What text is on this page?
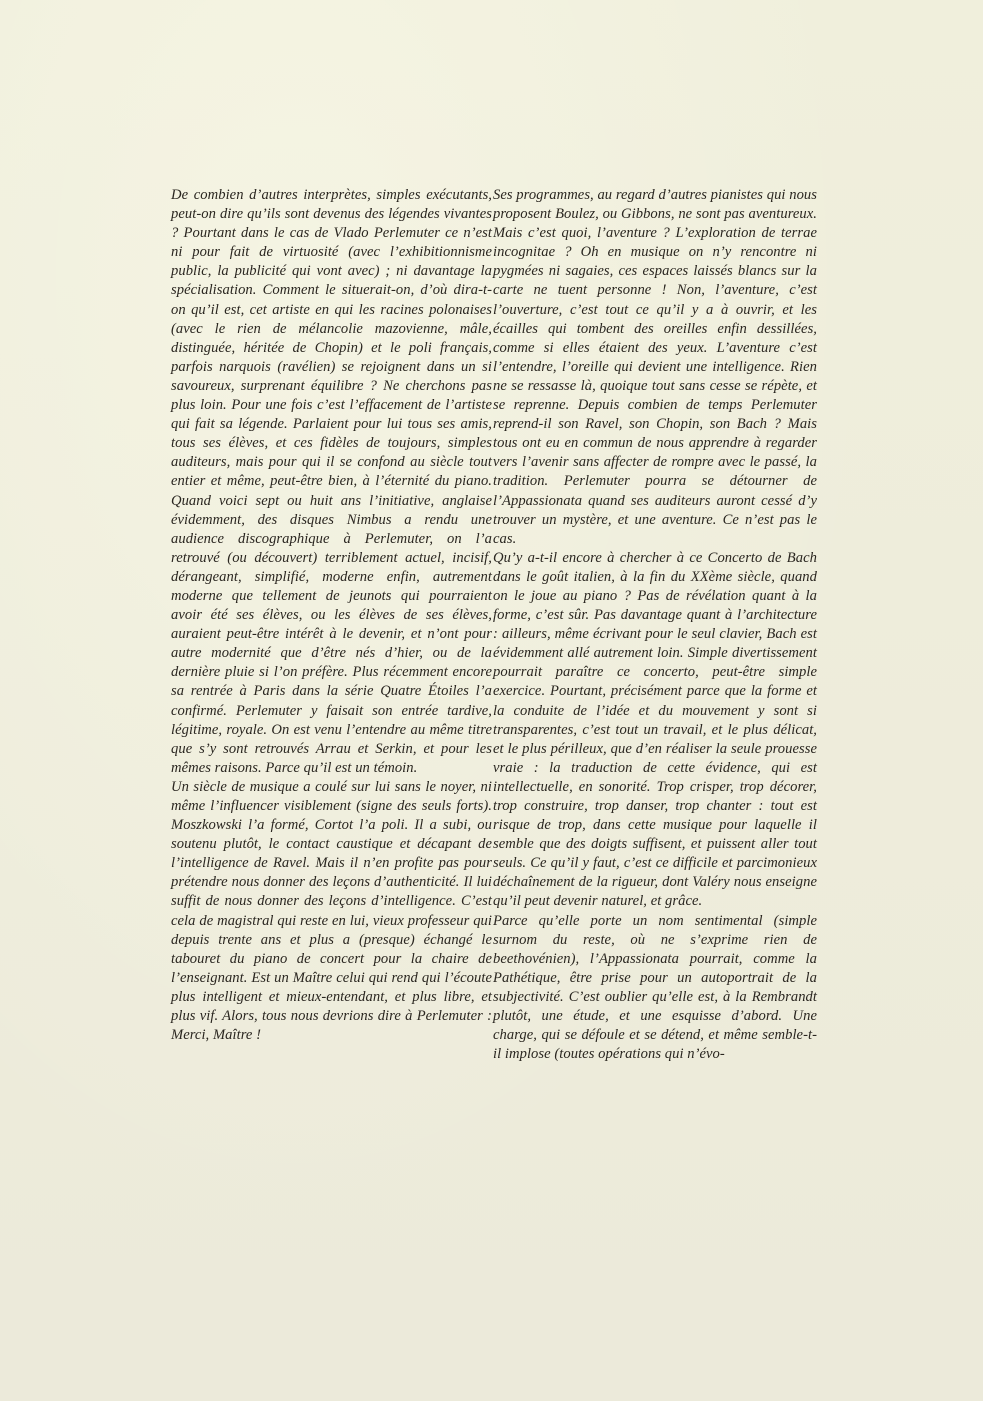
De combien d’autres interprètes, simples exécutants, peut-on dire qu’ils sont devenus des légendes vivantes ? Pourtant dans le cas de Vlado Perlemuter ce n’est ni pour fait de virtuosité (avec l’exhibitionnisme public, la publicité qui vont avec) ; ni davantage la spécialisation. Comment le situerait-on, d’où dira-t-on qu’il est, cet artiste en qui les racines polonaises (avec le rien de mélancolie mazovienne, mâle, distinguée, héritée de Chopin) et le poli français, parfois narquois (ravélien) se rejoignent dans un si savoureux, surprenant équilibre ? Ne cherchons pas plus loin. Pour une fois c’est l’effacement de l’artiste qui fait sa légende. Parlaient pour lui tous ses amis, tous ses élèves, et ces fidèles de toujours, simples auditeurs, mais pour qui il se confond au siècle tout entier et même, peut-être bien, à l’éternité du piano. Quand voici sept ou huit ans l’initiative, anglaise évidemment, des disques Nimbus a rendu une audience discographique à Perlemuter, on l’a retrouvé (ou découvert) terriblement actuel, incisif, dérangeant, simplifié, moderne enfin, autrement moderne que tellement de jeunots qui pourraient avoir été ses élèves, ou les élèves de ses élèves, auraient peut-être intérêt à le devenir, et n’ont pour autre modernité que d’être nés d’hier, ou de la dernière pluie si l’on préfère. Plus récemment encore sa rentrée à Paris dans la série Quatre Étoiles l’a confirmé. Perlemuter y faisait son entrée tardive, légitime, royale. On est venu l’entendre au même titre que s’y sont retrouvés Arrau et Serkin, et pour les mêmes raisons. Parce qu’il est un témoin.

Un siècle de musique a coulé sur lui sans le noyer, ni même l’influencer visiblement (signe des seuls forts). Moszkowski l’a formé, Cortot l’a poli. Il a subi, ou soutenu plutôt, le contact caustique et décapant de l’intelligence de Ravel. Mais il n’en profite pas pour prétendre nous donner des leçons d’authenticité. Il lui suffit de nous donner des leçons d’intelligence. C’est cela de magistral qui reste en lui, vieux professeur qui depuis trente ans et plus a (presque) échangé le tabouret du piano de concert pour la chaire de l’enseignant. Est un Maître celui qui rend qui l’écoute plus intelligent et mieux-entendant, et plus libre, et plus vif. Alors, tous nous devrions dire à Perlemuter : Merci, Maître !

Ses programmes, au regard d’autres pianistes qui nous proposent Boulez, ou Gibbons, ne sont pas aventureux. Mais c’est quoi, l’aventure ? L’exploration de terrae incognitae ? Oh en musique on n’y rencontre ni pygmées ni sagaies, ces espaces laissés blancs sur la carte ne tuent personne ! Non, l’aventure, c’est l’ouverture, c’est tout ce qu’il y a à ouvrir, et les écailles qui tombent des oreilles enfin dessillées, comme si elles étaient des yeux. L’aventure c’est l’entendre, l’oreille qui devient une intelligence. Rien ne se ressasse là, quoique tout sans cesse se répète, et se reprenne. Depuis combien de temps Perlemuter reprend-il son Ravel, son Chopin, son Bach ? Mais tous ont eu en commun de nous apprendre à regarder vers l’avenir sans affecter de rompre avec le passé, la tradition. Perlemuter pourra se détourner de l’Appassionata quand ses auditeurs auront cessé d’y trouver un mystère, et une aventure. Ce n’est pas le cas.

Qu’y a-t-il encore à chercher à ce Concerto de Bach dans le goût italien, à la fin du XXème siècle, quand on le joue au piano ? Pas de révélation quant à la forme, c’est sûr. Pas davantage quant à l’architecture : ailleurs, même écrivant pour le seul clavier, Bach est évidemment allé autrement loin. Simple divertissement pourrait paraître ce concerto, peut-être simple exercice. Pourtant, précisément parce que la forme et la conduite de l’idée et du mouvement y sont si transparentes, c’est tout un travail, et le plus délicat, et le plus périlleux, que d’en réaliser la seule prouesse vraie : la traduction de cette évidence, qui est intellectuelle, en sonorité. Trop crisper, trop décorer, trop construire, trop danser, trop chanter : tout est risque de trop, dans cette musique pour laquelle il semble que des doigts suffisent, et puissent aller tout seuls. Ce qu’il y faut, c’est ce difficile et parcimonieux déchaînement de la rigueur, dont Valéry nous enseigne qu’il peut devenir naturel, et grâce.

Parce qu’elle porte un nom sentimental (simple surnom du reste, où ne s’exprime rien de beethovénien), l’Appassionata pourrait, comme la Pathétique, être prise pour un autoportrait de la subjectivité. C’est oublier qu’elle est, à la Rembrandt plutôt, une étude, et une esquisse d’abord. Une charge, qui se défoule et se détend, et même semble-t-il implose (toutes opérations qui n’évo-
